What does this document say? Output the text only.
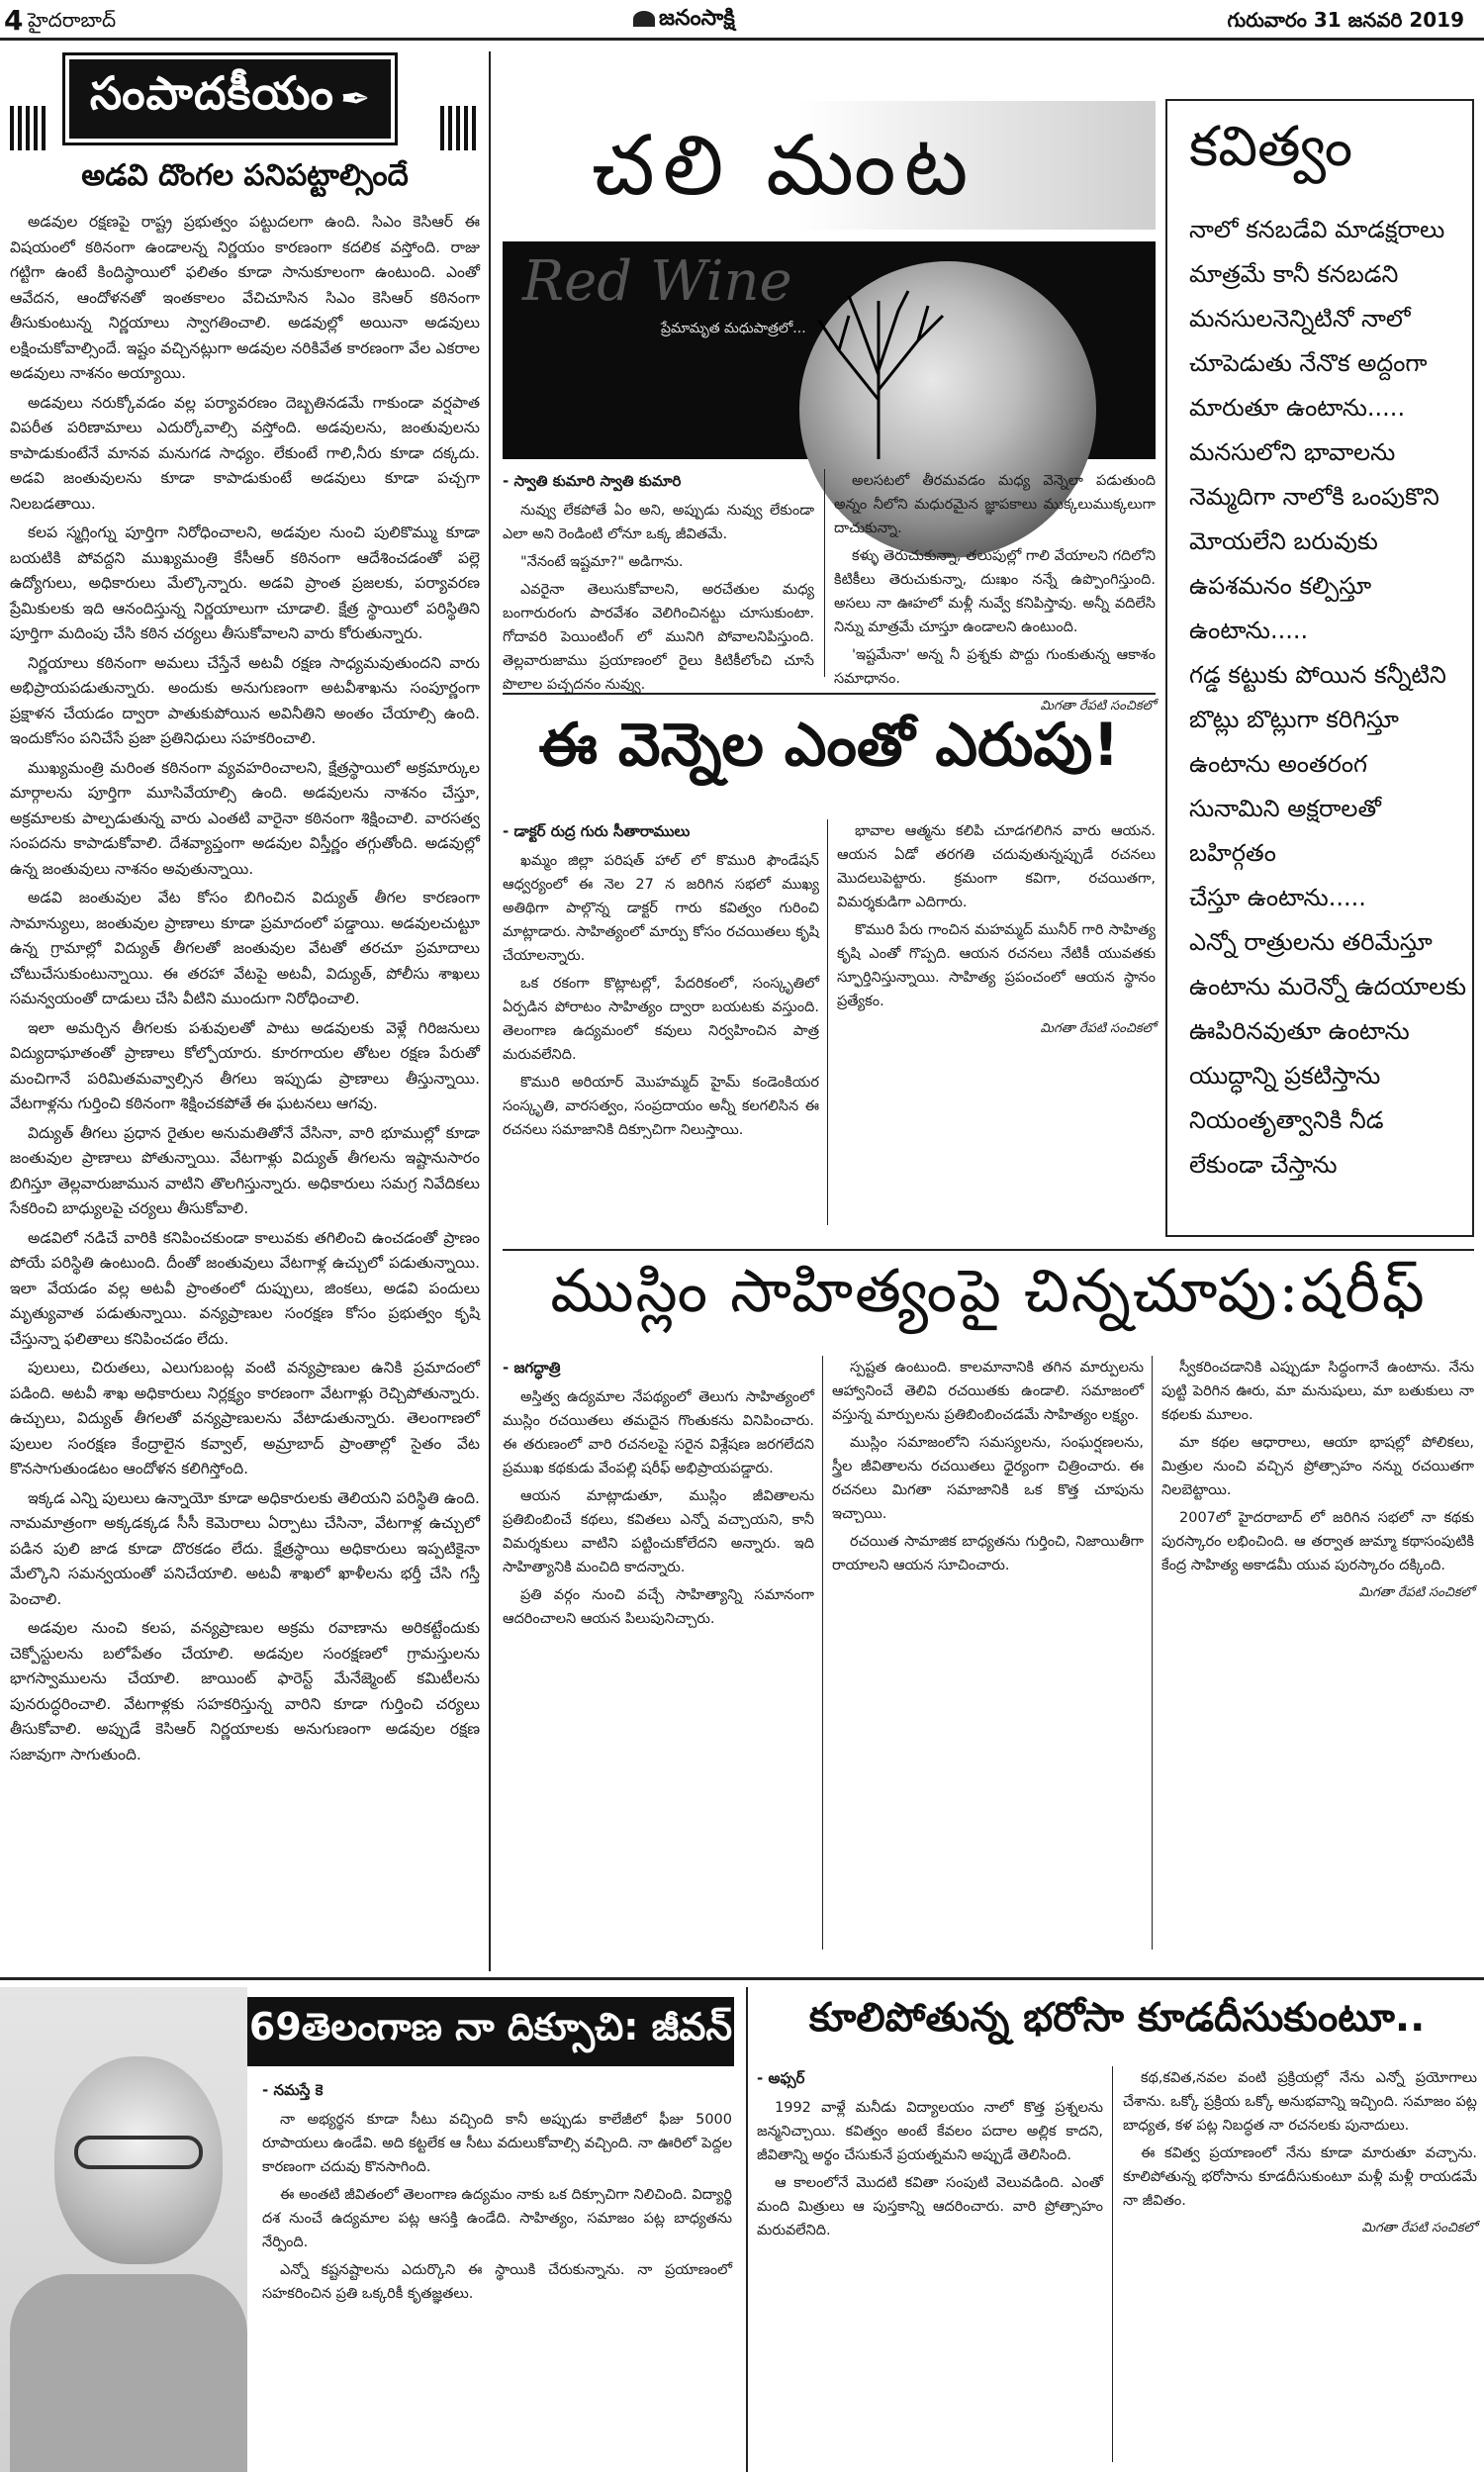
4 హైదరాబాద్	జనంసాక్షి	గురువారం 31 జనవరి 2019
సంపాదకీయం ✒
అడవి దొంగల పనిపట్టాల్సిందే

అడవుల రక్షణపై రాష్ట్ర ప్రభుత్వం పట్టుదలగా ఉంది. సిఎం కెసిఆర్ ఈ విషయంలో కఠినంగా ఉండాలన్న నిర్ణయం కారణంగా కదలిక వస్తోంది. రాజు గట్టిగా ఉంటే కిందిస్థాయిలో ఫలితం కూడా సానుకూలంగా ఉంటుంది. ఎంతో ఆవేదన, ఆందోళనతో ఇంతకాలం వేచిచూసిన సిఎం కెసిఆర్ కఠినంగా తీసుకుంటున్న నిర్ణయాలు స్వాగతించాలి. అడవుల్లో అయినా అడవులు లక్షించుకోవాల్సిందే. ఇష్టం వచ్చినట్లుగా అడవుల నరికివేత కారణంగా వేల ఎకరాల అడవులు నాశనం అయ్యాయి.

అడవులు నరుక్కోవడం వల్ల పర్యావరణం దెబ్బతినడమే గాకుండా వర్షపాత విపరీత పరిణామాలు ఎదుర్కోవాల్సి వస్తోంది. అడవులను, జంతువులను కాపాడుకుంటేనే మానవ మనుగడ సాధ్యం. లేకుంటే గాలి,నీరు కూడా దక్కదు. అడవి జంతువులను కూడా కాపాడుకుంటే అడవులు కూడా పచ్చగా నిలబడతాయి.

కలప స్మగ్లింగ్ను పూర్తిగా నిరోధించాలని, అడవుల నుంచి పులికొమ్ము కూడా బయటికి పోవద్దని ముఖ్యమంత్రి కేసీఆర్ కఠినంగా ఆదేశించడంతో పల్లె ఉద్యోగులు, అధికారులు మేల్కొన్నారు. అడవి ప్రాంత ప్రజలకు, పర్యావరణ ప్రేమికులకు ఇది ఆనందిస్తున్న నిర్ణయాలుగా చూడాలి. క్షేత్ర స్థాయిలో పరిస్థితిని పూర్తిగా మదింపు చేసి కఠిన చర్యలు తీసుకోవాలని వారు కోరుతున్నారు.

నిర్ణయాలు కఠినంగా అమలు చేస్తేనే అటవీ రక్షణ సాధ్యమవుతుందని వారు అభిప్రాయపడుతున్నారు. అందుకు అనుగుణంగా అటవీశాఖను సంపూర్ణంగా ప్రక్షాళన చేయడం ద్వారా పాతుకుపోయిన అవినీతిని అంతం చేయాల్సి ఉంది. ఇందుకోసం పనిచేసే ప్రజా ప్రతినిధులు సహకరించాలి.

ముఖ్యమంత్రి మరింత కఠినంగా వ్యవహరించాలని, క్షేత్రస్థాయిలో అక్రమార్కుల మార్గాలను పూర్తిగా మూసివేయాల్సి ఉంది. అడవులను నాశనం చేస్తూ, అక్రమాలకు పాల్పడుతున్న వారు ఎంతటి వారైనా కఠినంగా శిక్షించాలి. వారసత్వ సంపదను కాపాడుకోవాలి. దేశవ్యాప్తంగా అడవుల విస్తీర్ణం తగ్గుతోంది. అడవుల్లో ఉన్న జంతువులు నాశనం అవుతున్నాయి.

అడవి జంతువుల వేట కోసం బిగించిన విద్యుత్ తీగల కారణంగా సామాన్యులు, జంతువుల ప్రాణాలు కూడా ప్రమాదంలో పడ్డాయి. అడవులచుట్టూ ఉన్న గ్రామాల్లో విద్యుత్ తీగలతో జంతువుల వేటతో తరచూ ప్రమాదాలు చోటుచేసుకుంటున్నాయి. ఈ తరహా వేటపై అటవీ, విద్యుత్, పోలీసు శాఖలు సమన్వయంతో దాడులు చేసి వీటిని ముందుగా నిరోధించాలి.

ఇలా అమర్చిన తీగలకు పశువులతో పాటు అడవులకు వెళ్లే గిరిజనులు విద్యుదాఘాతంతో ప్రాణాలు కోల్పోయారు. కూరగాయల తోటల రక్షణ పేరుతో మంచిగానే పరిమితమవ్వాల్సిన తీగలు ఇప్పుడు ప్రాణాలు తీస్తున్నాయి. వేటగాళ్లను గుర్తించి కఠినంగా శిక్షించకపోతే ఈ ఘటనలు ఆగవు.

విద్యుత్ తీగలు ప్రధాన రైతుల అనుమతితోనే వేసినా, వారి భూముల్లో కూడా జంతువుల ప్రాణాలు పోతున్నాయి. వేటగాళ్లు విద్యుత్ తీగలను ఇష్టానుసారం బిగిస్తూ తెల్లవారుజామున వాటిని తొలగిస్తున్నారు. అధికారులు సమగ్ర నివేదికలు సేకరించి బాధ్యులపై చర్యలు తీసుకోవాలి.

అడవిలో నడిచే వారికి కనిపించకుండా కాలువకు తగిలించి ఉంచడంతో ప్రాణం పోయే పరిస్థితి ఉంటుంది. దీంతో జంతువులు వేటగాళ్ల ఉచ్చులో పడుతున్నాయి. ఇలా వేయడం వల్ల అటవీ ప్రాంతంలో దుప్పులు, జింకలు, అడవి పందులు మృత్యువాత పడుతున్నాయి. వన్యప్రాణుల సంరక్షణ కోసం ప్రభుత్వం కృషి చేస్తున్నా ఫలితాలు కనిపించడం లేదు.

పులులు, చిరుతలు, ఎలుగుబంట్ల వంటి వన్యప్రాణుల ఉనికి ప్రమాదంలో పడింది. అటవీ శాఖ అధికారులు నిర్లక్ష్యం కారణంగా వేటగాళ్లు రెచ్చిపోతున్నారు. ఉచ్చులు, విద్యుత్ తీగలతో వన్యప్రాణులను వేటాడుతున్నారు. తెలంగాణలో పులుల సంరక్షణ కేంద్రాలైన కవ్వాల్, అమ్రాబాద్ ప్రాంతాల్లో సైతం వేట కొనసాగుతుండటం ఆందోళన కలిగిస్తోంది.

ఇక్కడ ఎన్ని పులులు ఉన్నాయో కూడా అధికారులకు తెలియని పరిస్థితి ఉంది. నామమాత్రంగా అక్కడక్కడ సీసీ కెమెరాలు ఏర్పాటు చేసినా, వేటగాళ్ల ఉచ్చులో పడిన పులి జాడ కూడా దొరకడం లేదు. క్షేత్రస్థాయి అధికారులు ఇప్పటికైనా మేల్కొని సమన్వయంతో పనిచేయాలి. అటవీ శాఖలో ఖాళీలను భర్తీ చేసి గస్తీ పెంచాలి.

అడవుల నుంచి కలప, వన్యప్రాణుల అక్రమ రవాణాను అరికట్టేందుకు చెక్పోస్టులను బలోపేతం చేయాలి. అడవుల సంరక్షణలో గ్రామస్తులను భాగస్వాములను చేయాలి. జాయింట్ ఫారెస్ట్ మేనేజ్మెంట్ కమిటీలను పునరుద్ధరించాలి. వేటగాళ్లకు సహకరిస్తున్న వారిని కూడా గుర్తించి చర్యలు తీసుకోవాలి. అప్పుడే కెసిఆర్ నిర్ణయాలకు అనుగుణంగా అడవుల రక్షణ సజావుగా సాగుతుంది.

చలి మంట
Red Wine
ప్రేమామృత మధుపాత్రలో...
- స్వాతి కుమారి స్వాతి కుమారి

నువ్వు లేకపోతే ఏం అని, అప్పుడు నువ్వు లేకుండా ఎలా అని రెండింటి లోనూ ఒక్క జీవితమే.

"నేనంటే ఇష్టమా?" అడిగాను.

ఎవరైనా తెలుసుకోవాలని, అరచేతుల మధ్య బంగారురంగు పారవేశం వెలిగించినట్టు చూసుకుంటా. గోదావరి పెయింటింగ్ లో మునిగి పోవాలనిపిస్తుంది. తెల్లవారుజాము ప్రయాణంలో రైలు కిటికీలోంచి చూసే పొలాల పచ్చదనం నువ్వు.

అలసటలో తీరమవడం మధ్య వెన్నెలా పడుతుంది అన్నం నీలోని మధురమైన జ్ఞాపకాలు ముక్కలుముక్కలుగా దాచుకున్నా.

కళ్ళు తెరుచుకున్నా, తలుపుల్లో గాలి వేయాలని గదిలోని కిటికీలు తెరుచుకున్నా, దుఃఖం నన్నే ఉప్పొంగిస్తుంది. అసలు నా ఊహలో మళ్లీ నువ్వే కనిపిస్తావు. అన్నీ వదిలేసి నిన్ను మాత్రమే చూస్తూ ఉండాలని ఉంటుంది.

'ఇష్టమేనా' అన్న నీ ప్రశ్నకు పొద్దు గుంకుతున్న ఆకాశం సమాధానం.

మిగతా రేపటి సంచికలో
కవిత్వం

నాలో కనబడేవి మాడక్షరాలు

మాత్రమే కానీ కనబడని

మనసులనెన్నిటినో నాలో

చూపెడుతు నేనొక అద్దంగా

మారుతూ ఉంటాను.....

మనసులోని భావాలను

నెమ్మదిగా నాలోకి ఒంపుకొని

మోయలేని బరువుకు

ఉపశమనం కల్పిస్తూ

ఉంటాను.....

గడ్డ కట్టుకు పోయిన కన్నీటిని

బొట్లు బొట్లుగా కరిగిస్తూ

ఉంటాను అంతరంగ

సునామిని అక్షరాలతో

బహిర్గతం

చేస్తూ ఉంటాను.....

ఎన్నో రాత్రులను తరిమేస్తూ

ఉంటాను మరెన్నో ఉదయాలకు

ఊపిరినవుతూ ఉంటాను

యుద్ధాన్ని ప్రకటిస్తాను

నియంతృత్వానికి నీడ

లేకుండా చేస్తాను

ఈ వెన్నెల ఎంతో ఎరుపు!
- డాక్టర్ రుద్ర గురు సీతారాములు

ఖమ్మం జిల్లా పరిషత్ హాల్ లో కొమురి ఫౌండేషన్ ఆధ్వర్యంలో ఈ నెల 27 న జరిగిన సభలో ముఖ్య అతిథిగా పాల్గొన్న డాక్టర్ గారు కవిత్వం గురించి మాట్లాడారు. సాహిత్యంలో మార్పు కోసం రచయితలు కృషి చేయాలన్నారు.

ఒక రకంగా కొట్లాటల్లో, పేదరికంలో, సంస్కృతిలో ఏర్పడిన పోరాటం సాహిత్యం ద్వారా బయటకు వస్తుంది. తెలంగాణ ఉద్యమంలో కవులు నిర్వహించిన పాత్ర మరువలేనిది.

కొమురి అరియార్ మొహమ్మద్ హైమ్ కండెంకియర సంస్కృతి, వారసత్వం, సంప్రదాయం అన్నీ కలగలిసిన ఈ రచనలు సమాజానికి దిక్సూచిగా నిలుస్తాయి.

భావాల ఆత్మను కలిపి చూడగలిగిన వారు ఆయన. ఆయన ఏడో తరగతి చదువుతున్నప్పుడే రచనలు మొదలుపెట్టారు. క్రమంగా కవిగా, రచయితగా, విమర్శకుడిగా ఎదిగారు.

కొమురి పేరు గాంచిన మహమ్మద్ మునీర్ గారి సాహిత్య కృషి ఎంతో గొప్పది. ఆయన రచనలు నేటికీ యువతకు స్ఫూర్తినిస్తున్నాయి. సాహిత్య ప్రపంచంలో ఆయన స్థానం ప్రత్యేకం.

మిగతా రేపటి సంచికలో
ముస్లిం సాహిత్యంపై చిన్నచూపు:షరీఫ్
- జగద్ధాత్రి

అస్తిత్వ ఉద్యమాల నేపథ్యంలో తెలుగు సాహిత్యంలో ముస్లిం రచయితలు తమదైన గొంతుకను వినిపించారు. ఈ తరుణంలో వారి రచనలపై సరైన విశ్లేషణ జరగలేదని ప్రముఖ కథకుడు వేంపల్లి షరీఫ్ అభిప్రాయపడ్డారు.

ఆయన మాట్లాడుతూ, ముస్లిం జీవితాలను ప్రతిబింబించే కథలు, కవితలు ఎన్నో వచ్చాయని, కానీ విమర్శకులు వాటిని పట్టించుకోలేదని అన్నారు. ఇది సాహిత్యానికి మంచిది కాదన్నారు.

ప్రతి వర్గం నుంచి వచ్చే సాహిత్యాన్ని సమానంగా ఆదరించాలని ఆయన పిలుపునిచ్చారు.

స్పష్టత ఉంటుంది. కాలమానానికి తగిన మార్పులను ఆహ్వానించే తెలివి రచయితకు ఉండాలి. సమాజంలో వస్తున్న మార్పులను ప్రతిబింబించడమే సాహిత్యం లక్ష్యం.

ముస్లిం సమాజంలోని సమస్యలను, సంఘర్షణలను, స్త్రీల జీవితాలను రచయితలు ధైర్యంగా చిత్రించారు. ఈ రచనలు మిగతా సమాజానికి ఒక కొత్త చూపును ఇచ్చాయి.

రచయిత సామాజిక బాధ్యతను గుర్తించి, నిజాయితీగా రాయాలని ఆయన సూచించారు.

స్వీకరించడానికి ఎప్పుడూ సిద్ధంగానే ఉంటాను. నేను పుట్టి పెరిగిన ఊరు, మా మనుషులు, మా బతుకులు నా కథలకు మూలం.

మా కథల ఆధారాలు, ఆయా భాషల్లో పోలికలు, మిత్రుల నుంచి వచ్చిన ప్రోత్సాహం నన్ను రచయితగా నిలబెట్టాయి.

2007లో హైదరాబాద్ లో జరిగిన సభలో నా కథకు పురస్కారం లభించింది. ఆ తర్వాత జుమ్మా కథాసంపుటికి కేంద్ర సాహిత్య అకాడమీ యువ పురస్కారం దక్కింది.

మిగతా రేపటి సంచికలో
69తెలంగాణ నా దిక్సూచి: జీవన్
- నమస్తే కె

నా అభ్యర్థన కూడా సీటు వచ్చింది కానీ అప్పుడు కాలేజీలో ఫీజు 5000 రూపాయలు ఉండేవి. అది కట్టలేక ఆ సీటు వదులుకోవాల్సి వచ్చింది. నా ఊరిలో పెద్దల కారణంగా చదువు కొనసాగింది.

ఈ అంతటి జీవితంలో తెలంగాణ ఉద్యమం నాకు ఒక దిక్సూచిగా నిలిచింది. విద్యార్థి దశ నుంచే ఉద్యమాల పట్ల ఆసక్తి ఉండేది. సాహిత్యం, సమాజం పట్ల బాధ్యతను నేర్పింది.

ఎన్నో కష్టనష్టాలను ఎదుర్కొని ఈ స్థాయికి చేరుకున్నాను. నా ప్రయాణంలో సహకరించిన ప్రతి ఒక్కరికీ కృతజ్ఞతలు.

కూలిపోతున్న భరోసా కూడదీసుకుంటూ..
- అఫ్సర్

1992 వాళ్లే మనీడు విద్యాలయం నాలో కొత్త ప్రశ్నలను జన్మనిచ్చాయి. కవిత్వం అంటే కేవలం పదాల అల్లిక కాదని, జీవితాన్ని అర్థం చేసుకునే ప్రయత్నమని అప్పుడే తెలిసింది.

ఆ కాలంలోనే మొదటి కవితా సంపుటి వెలువడింది. ఎంతో మంది మిత్రులు ఆ పుస్తకాన్ని ఆదరించారు. వారి ప్రోత్సాహం మరువలేనిది.

కథ,కవిత,నవల వంటి ప్రక్రియల్లో నేను ఎన్నో ప్రయోగాలు చేశాను. ఒక్కో ప్రక్రియ ఒక్కో అనుభవాన్ని ఇచ్చింది. సమాజం పట్ల బాధ్యత, కళ పట్ల నిబద్ధత నా రచనలకు పునాదులు.

ఈ కవిత్వ ప్రయాణంలో నేను కూడా మారుతూ వచ్చాను. కూలిపోతున్న భరోసాను కూడదీసుకుంటూ మళ్లీ మళ్లీ రాయడమే నా జీవితం.

మిగతా రేపటి సంచికలో
